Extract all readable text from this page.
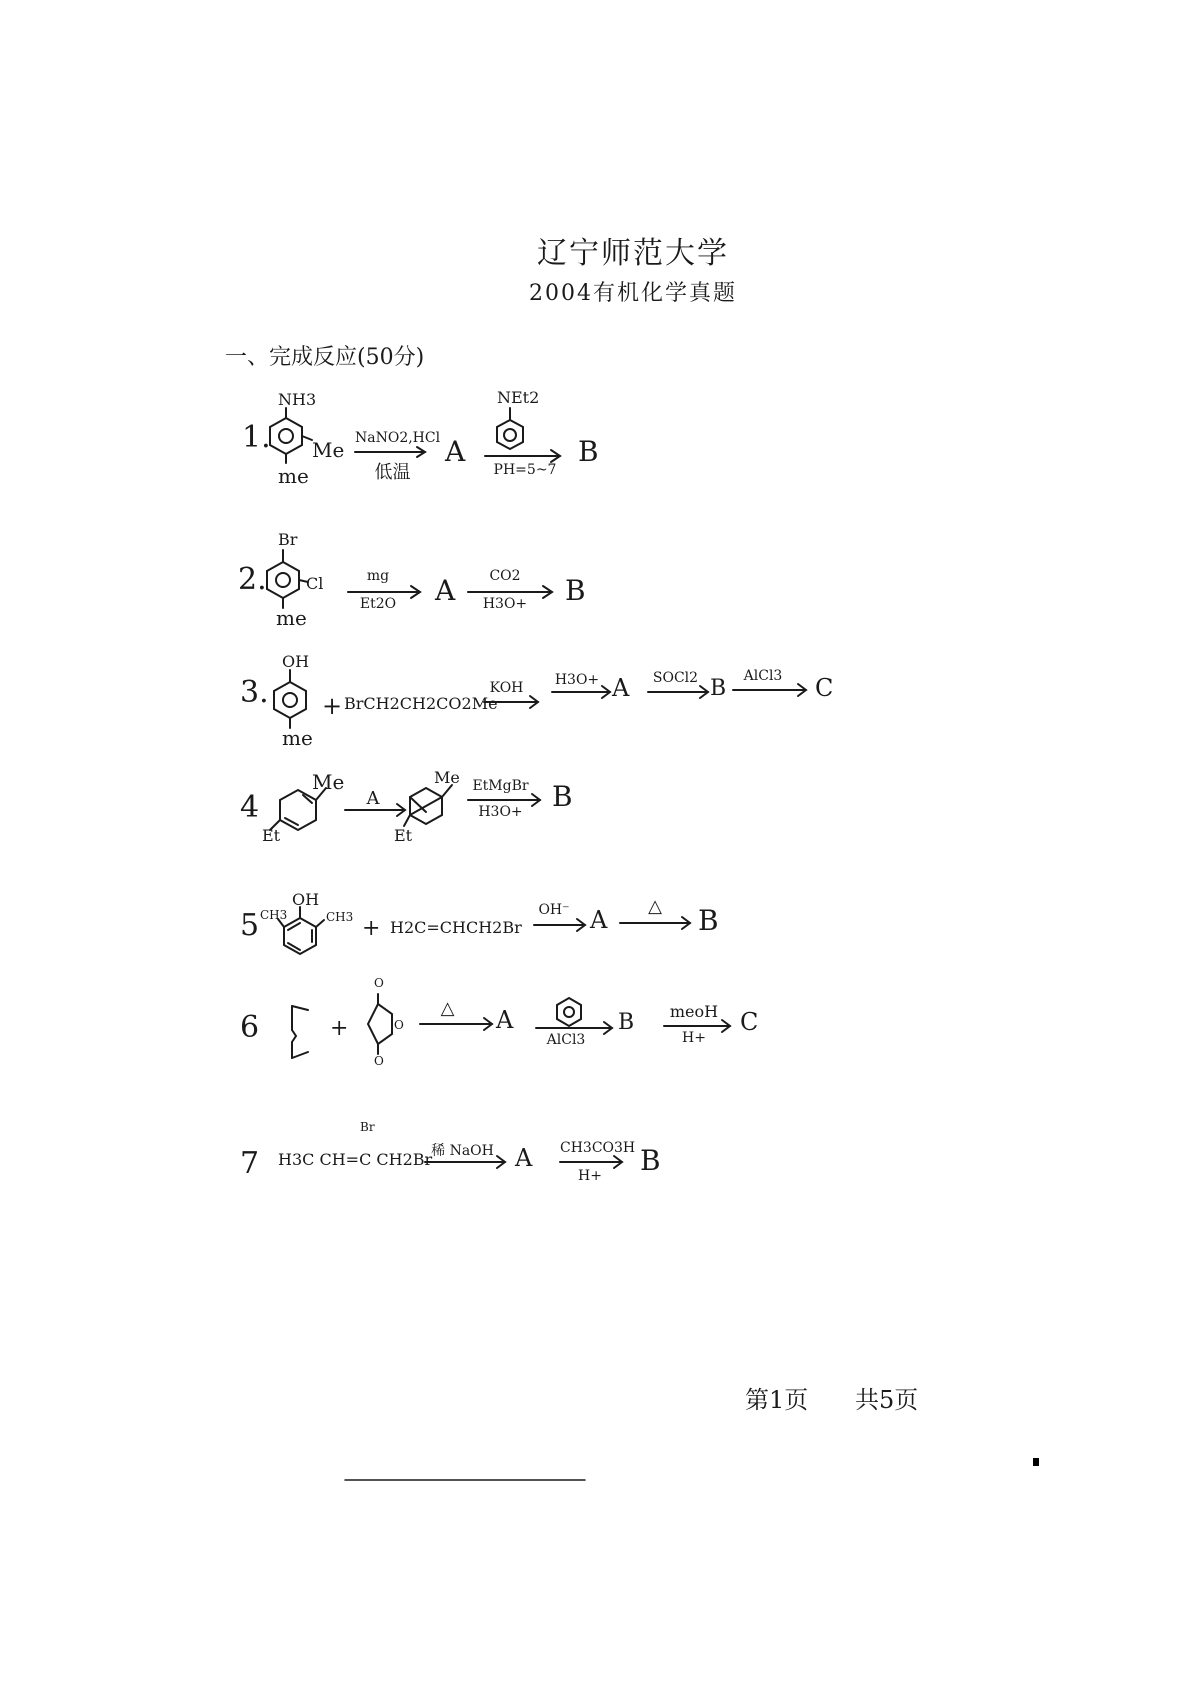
辽宁师范大学
2004有机化学真题
一、完成反应(50分)
1.
NH3
Me
me
NaNO2,HCl
低温
A
NEt2
PH=5~7
B
2.
Br
Cl
me
mg
Et2O	A	CO2
H3O+ B
3.
OH
me
+ BrCH2CH2CO2Me
KOH	H3O+ A	SOCl2 B	AlCl3	C
4
Me
Et
A
Me
Et
EtMgBr
H3O+	B
5 CH3
OH
CH3 + H2C=CHCH2Br
OH⁻ A	△	B
6	+
O
O
O
△	A
AlCl3
B	meoH
H+
C
7
Br
H3C CH=C CH2Br
稀 NaOH A CH3CO3H
H+	B
第1页 共5页
